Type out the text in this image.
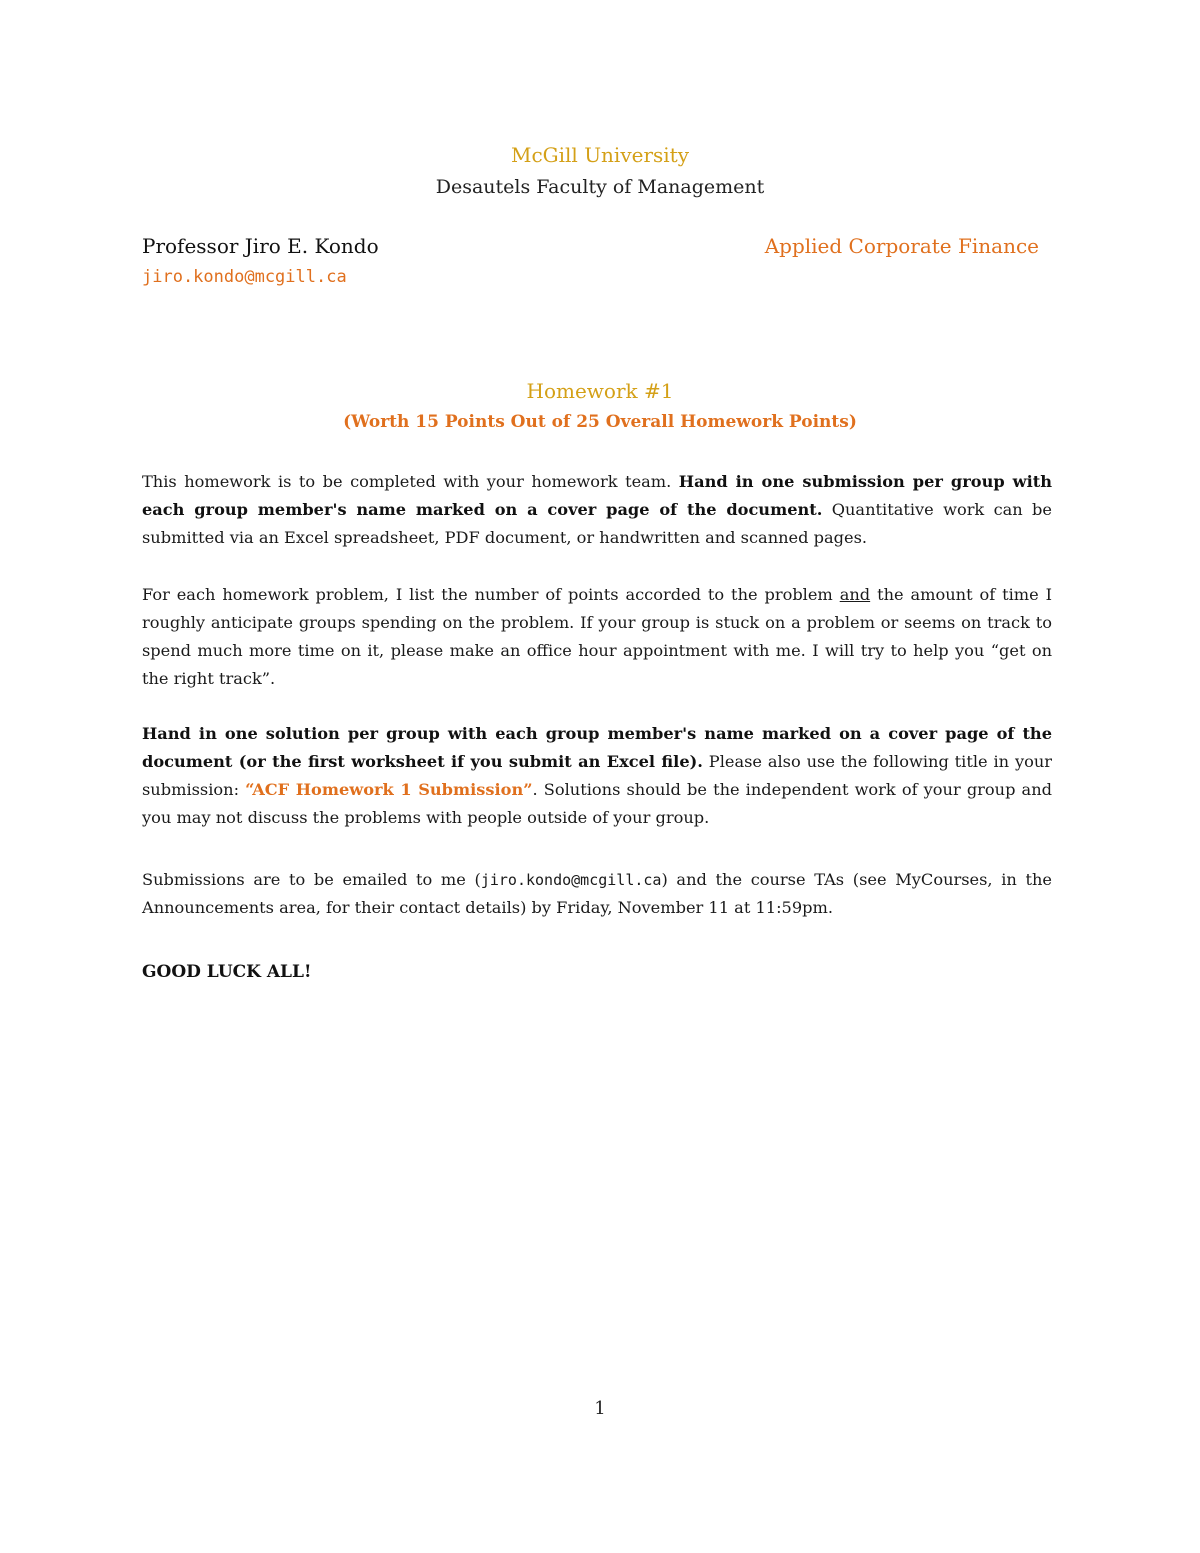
McGill University
Desautels Faculty of Management
Professor Jiro E. Kondo	Applied Corporate Finance
jiro.kondo@mcgill.ca
Homework #1
(Worth 15 Points Out of 25 Overall Homework Points)

This homework is to be completed with your homework team. Hand in one submission per group with each group member's name marked on a cover page of the document. Quantitative work can be submitted via an Excel spreadsheet, PDF document, or handwritten and scanned pages.

For each homework problem, I list the number of points accorded to the problem and the amount of time I roughly anticipate groups spending on the problem. If your group is stuck on a problem or seems on track to spend much more time on it, please make an office hour appointment with me. I will try to help you “get on the right track”.

Hand in one solution per group with each group member's name marked on a cover page of the document (or the first worksheet if you submit an Excel file). Please also use the following title in your submission: “ACF Homework 1 Submission”. Solutions should be the independent work of your group and you may not discuss the problems with people outside of your group.

Submissions are to be emailed to me (jiro.kondo@mcgill.ca) and the course TAs (see MyCourses, in the Announcements area, for their contact details) by Friday, November 11 at 11:59pm.

GOOD LUCK ALL!
1
